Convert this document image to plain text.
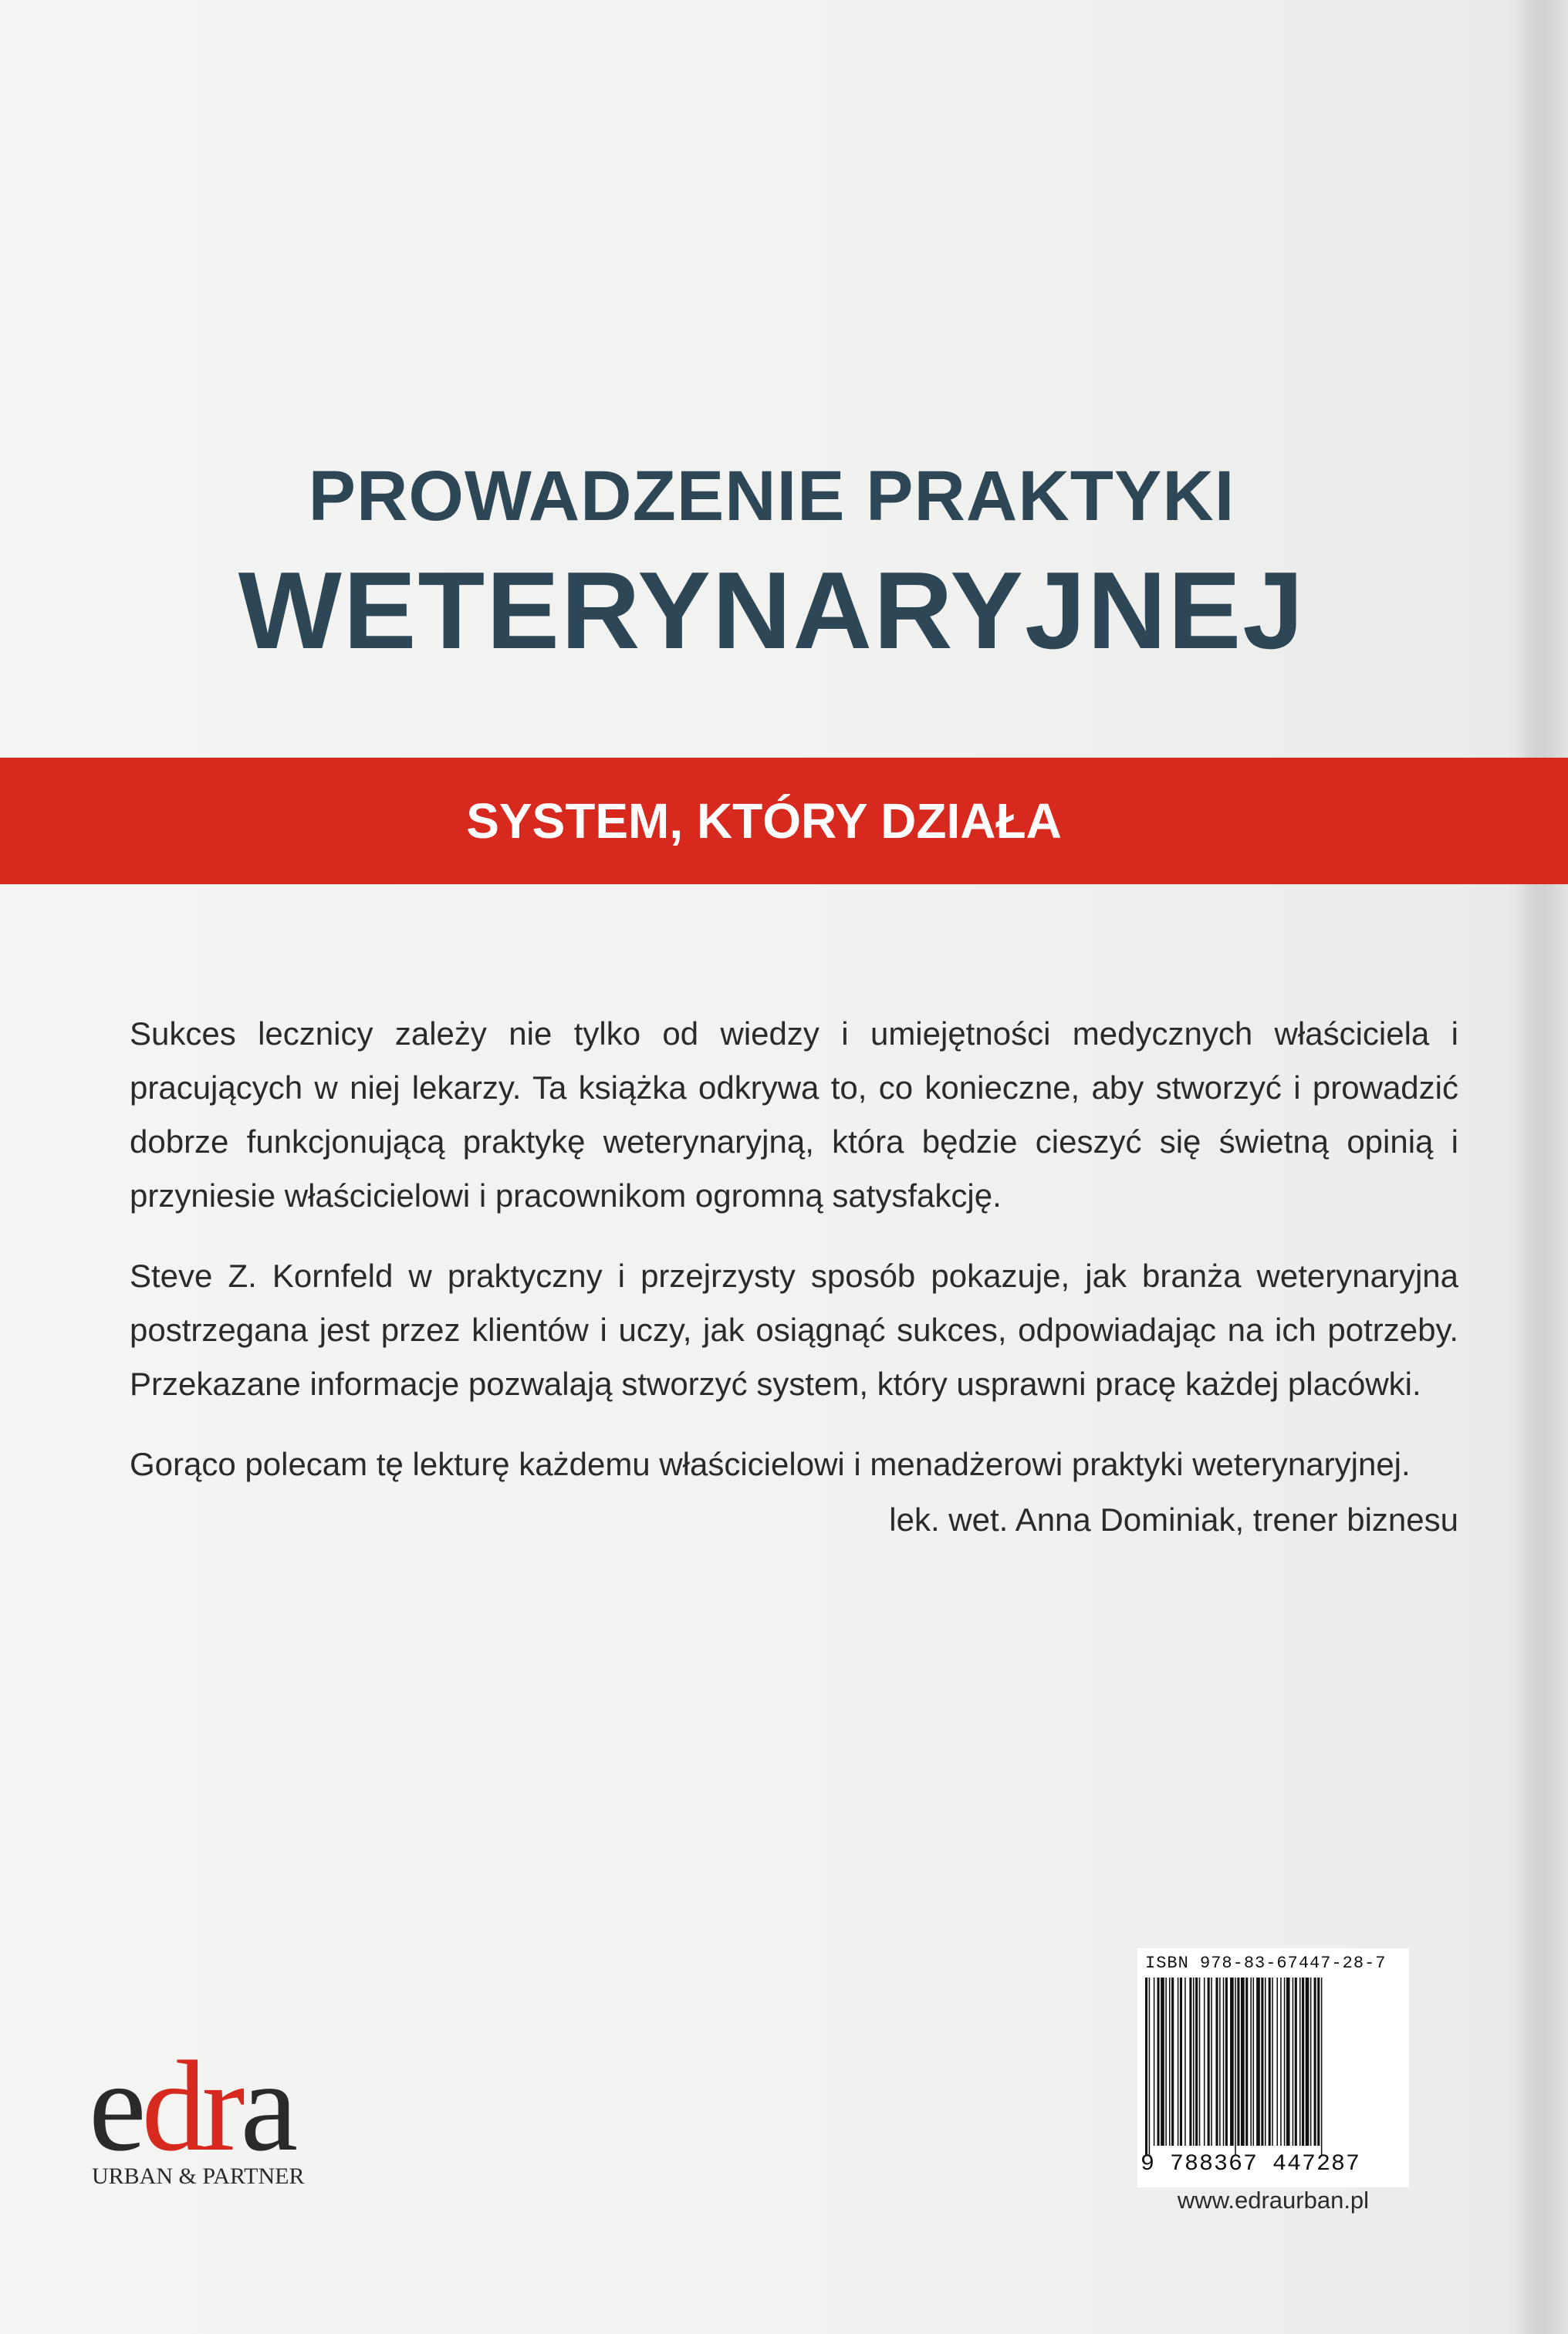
PROWADZENIE PRAKTYKI
WETERYNARYJNEJ
SYSTEM, KTÓRY DZIAŁA

Sukces lecznicy zależy nie tylko od wiedzy i umiejętności medycznych właściciela i pracujących w niej lekarzy. Ta książka odkrywa to, co konieczne, aby stworzyć i prowadzić dobrze funkcjonującą praktykę weterynaryjną, która będzie cieszyć się świetną opinią i przyniesie właścicielowi i pracownikom ogromną satysfakcję.

Steve Z. Kornfeld w praktyczny i przejrzysty sposób pokazuje, jak branża weterynaryjna postrzegana jest przez klientów i uczy, jak osiągnąć sukces, odpowiadając na ich potrzeby. Przekazane informacje pozwalają stworzyć system, który usprawni pracę każdej placówki.

Gorąco polecam tę lekturę każdemu właścicielowi i menadżerowi praktyki weterynaryjnej.

lek. wet. Anna Dominiak, trener biznesu
edra
URBAN & PARTNER
ISBN 978-83-67447-28-7
9 788367 447287
www.edraurban.pl
